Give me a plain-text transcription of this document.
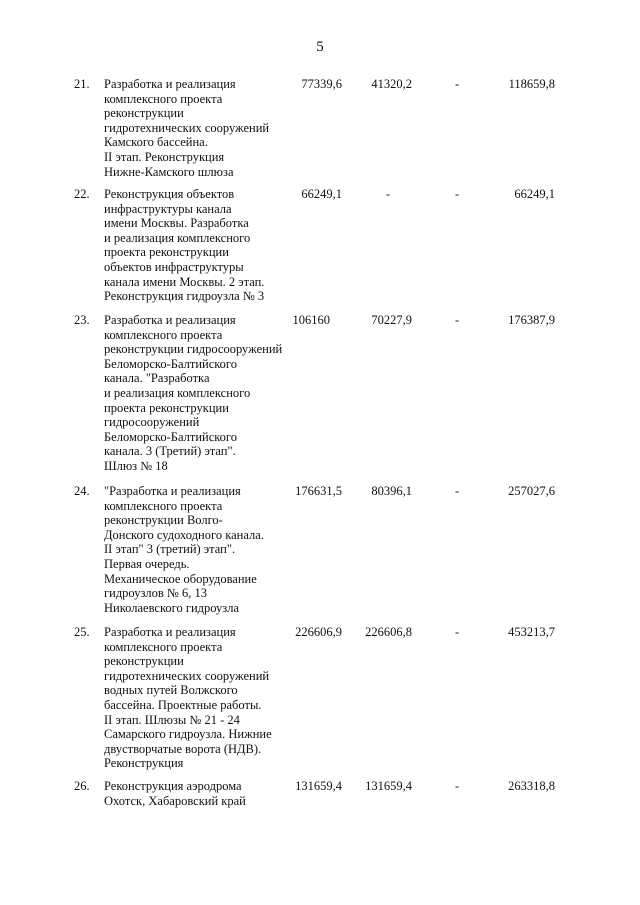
5
21. Разработка и реализация
комплексного проекта
реконструкции
гидротехнических сооружений
Камского бассейна.
II этап. Реконструкция
Нижне-Камского шлюза
77339,6 41320,2	-	118659,8
22. Реконструкция объектов
инфраструктуры канала
имени Москвы. Разработка
и реализация комплексного
проекта реконструкции
объектов инфраструктуры
канала имени Москвы. 2 этап.
Реконструкция гидроузла № 3
66249,1	-	-	66249,1
23. Разработка и реализация
комплексного проекта
реконструкции гидросооружений
Беломорско-Балтийского
канала. "Разработка
и реализация комплексного
проекта реконструкции
гидросооружений
Беломорско-Балтийского
канала. 3 (Третий) этап".
Шлюз № 18
106160	70227,9	-	176387,9
24. "Разработка и реализация
комплексного проекта
реконструкции Волго-
Донского судоходного канала.
II этап" 3 (третий) этап".
Первая очередь.
Механическое оборудование
гидроузлов № 6, 13
Николаевского гидроузла
176631,5 80396,1	-	257027,6
25. Разработка и реализация
комплексного проекта
реконструкции
гидротехнических сооружений
водных путей Волжского
бассейна. Проектные работы.
II этап. Шлюзы № 21 - 24
Самарского гидроузла. Нижние
двустворчатые ворота (НДВ).
Реконструкция
226606,9 226606,8	-	453213,7
26. Реконструкция аэродрома
Охотск, Хабаровский край
131659,4 131659,4	-	263318,8
